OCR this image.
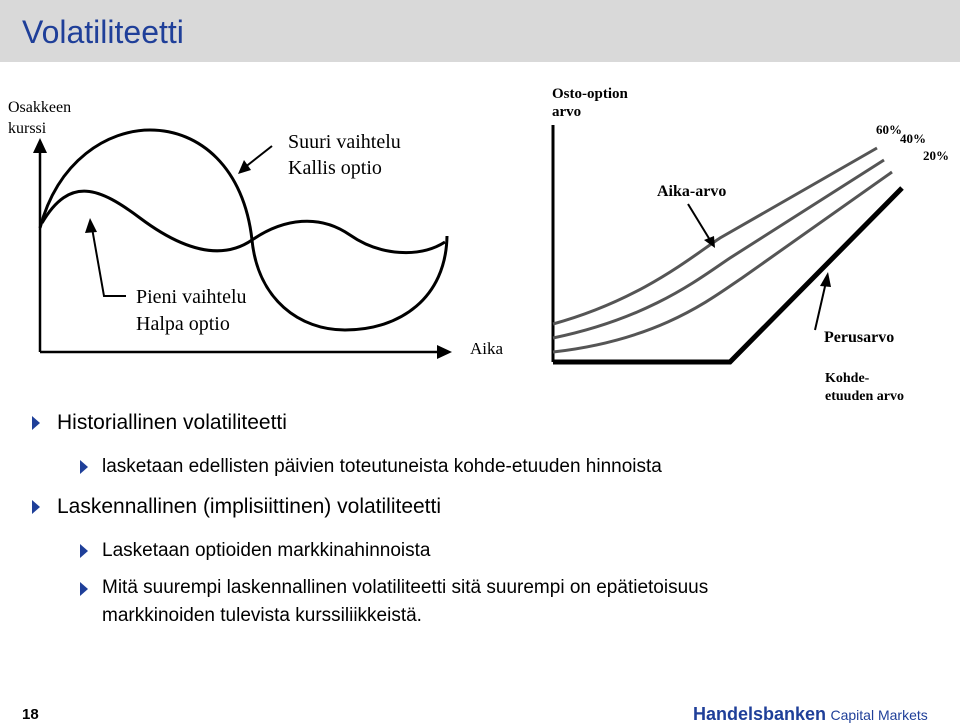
Volatiliteetti
Osakkeen
kurssi
Aika
Suuri vaihtelu
Kallis optio
Pieni vaihtelu
Halpa optio
Osto-option
arvo
60%
40%
20%
Aika-arvo
Perusarvo
Kohde-
etuuden arvo
Historiallinen volatiliteetti
lasketaan edellisten päivien toteutuneista kohde-etuuden hinnoista
Laskennallinen (implisiittinen) volatiliteetti
Lasketaan optioiden markkinahinnoista
Mitä suurempi laskennallinen volatiliteetti sitä suurempi on epätietoisuus
markkinoiden tulevista kurssiliikkeistä.
18	Handelsbanken Capital Markets
